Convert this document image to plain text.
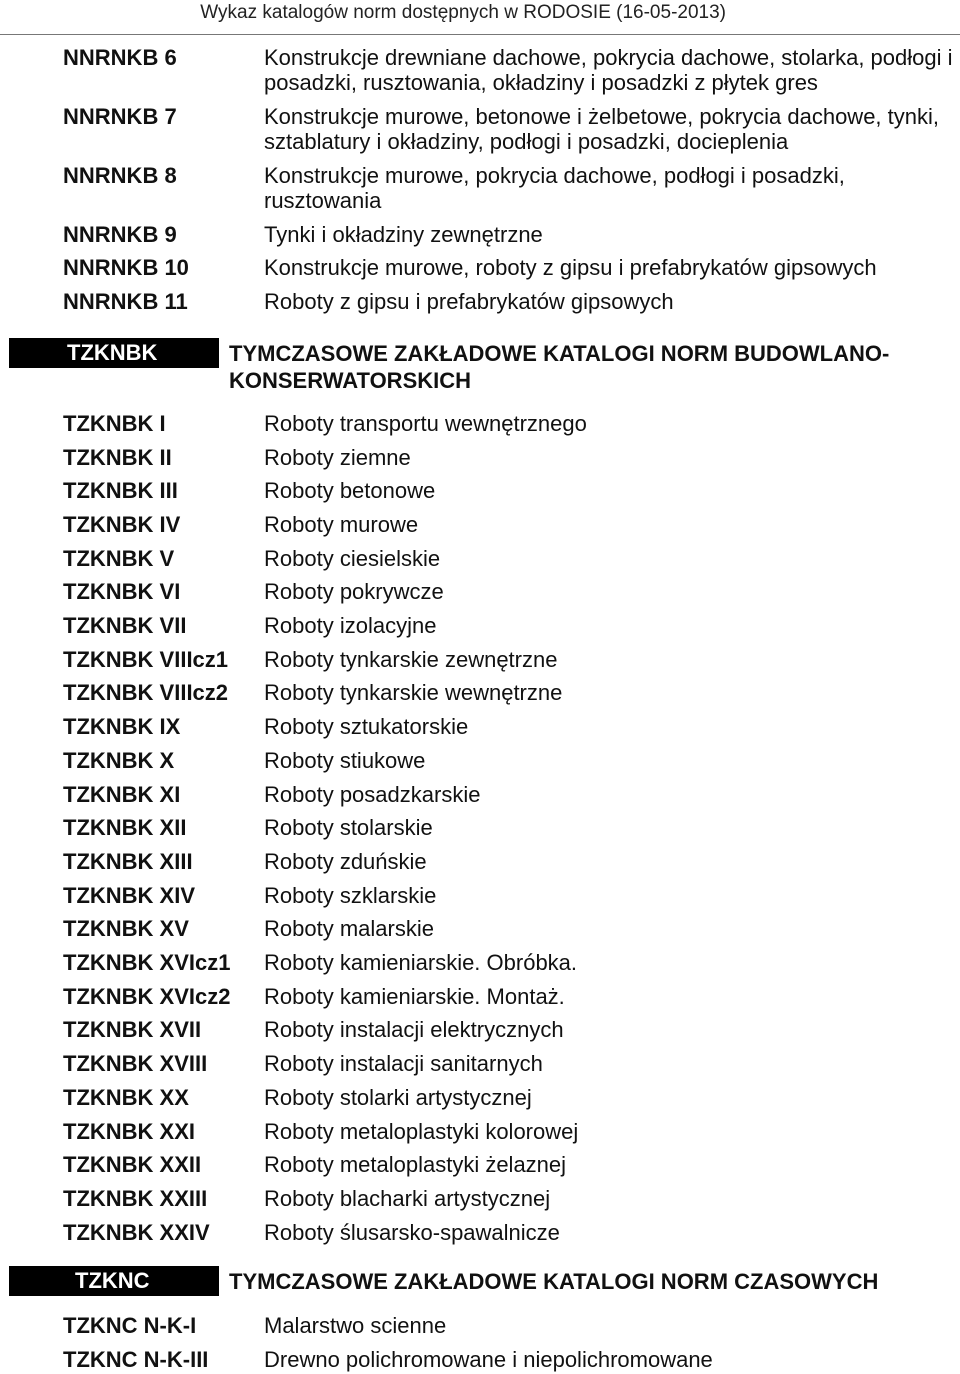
Wykaz katalogów norm dostępnych w RODOSIE (16-05-2013)
NNRNKB 6	Konstrukcje drewniane dachowe, pokrycia dachowe, stolarka, podłogi i posadzki, rusztowania, okładziny i posadzki z płytek gres
NNRNKB 7	Konstrukcje murowe, betonowe i żelbetowe, pokrycia dachowe, tynki, sztablatury i okładziny, podłogi i posadzki, docieplenia
NNRNKB 8	Konstrukcje murowe, pokrycia dachowe, podłogi i posadzki, rusztowania
NNRNKB 9	Tynki i okładziny zewnętrzne
NNRNKB 10	Konstrukcje murowe, roboty z gipsu i prefabrykatów gipsowych
NNRNKB 11	Roboty z gipsu i prefabrykatów gipsowych
TZKNBK	TYMCZASOWE ZAKŁADOWE KATALOGI NORM BUDOWLANO-
KONSERWATORSKICH
TZKNBK I	Roboty transportu wewnętrznego
TZKNBK II	Roboty ziemne
TZKNBK III	Roboty betonowe
TZKNBK IV	Roboty murowe
TZKNBK V	Roboty ciesielskie
TZKNBK VI	Roboty pokrywcze
TZKNBK VII	Roboty izolacyjne
TZKNBK VIIIcz1 Roboty tynkarskie zewnętrzne
TZKNBK VIIIcz2 Roboty tynkarskie wewnętrzne
TZKNBK IX	Roboty sztukatorskie
TZKNBK X	Roboty stiukowe
TZKNBK XI	Roboty posadzkarskie
TZKNBK XII	Roboty stolarskie
TZKNBK XIII	Roboty zduńskie
TZKNBK XIV	Roboty szklarskie
TZKNBK XV	Roboty malarskie
TZKNBK XVIcz1 Roboty kamieniarskie. Obróbka.
TZKNBK XVIcz2 Roboty kamieniarskie. Montaż.
TZKNBK XVII	Roboty instalacji elektrycznych
TZKNBK XVIII	Roboty instalacji sanitarnych
TZKNBK XX	Roboty stolarki artystycznej
TZKNBK XXI	Roboty metaloplastyki kolorowej
TZKNBK XXII	Roboty metaloplastyki żelaznej
TZKNBK XXIII	Roboty blacharki artystycznej
TZKNBK XXIV Roboty ślusarsko-spawalnicze
TZKNC	TYMCZASOWE ZAKŁADOWE KATALOGI NORM CZASOWYCH
TZKNC N-K-I	Malarstwo scienne
TZKNC N-K-III	Drewno polichromowane i niepolichromowane
